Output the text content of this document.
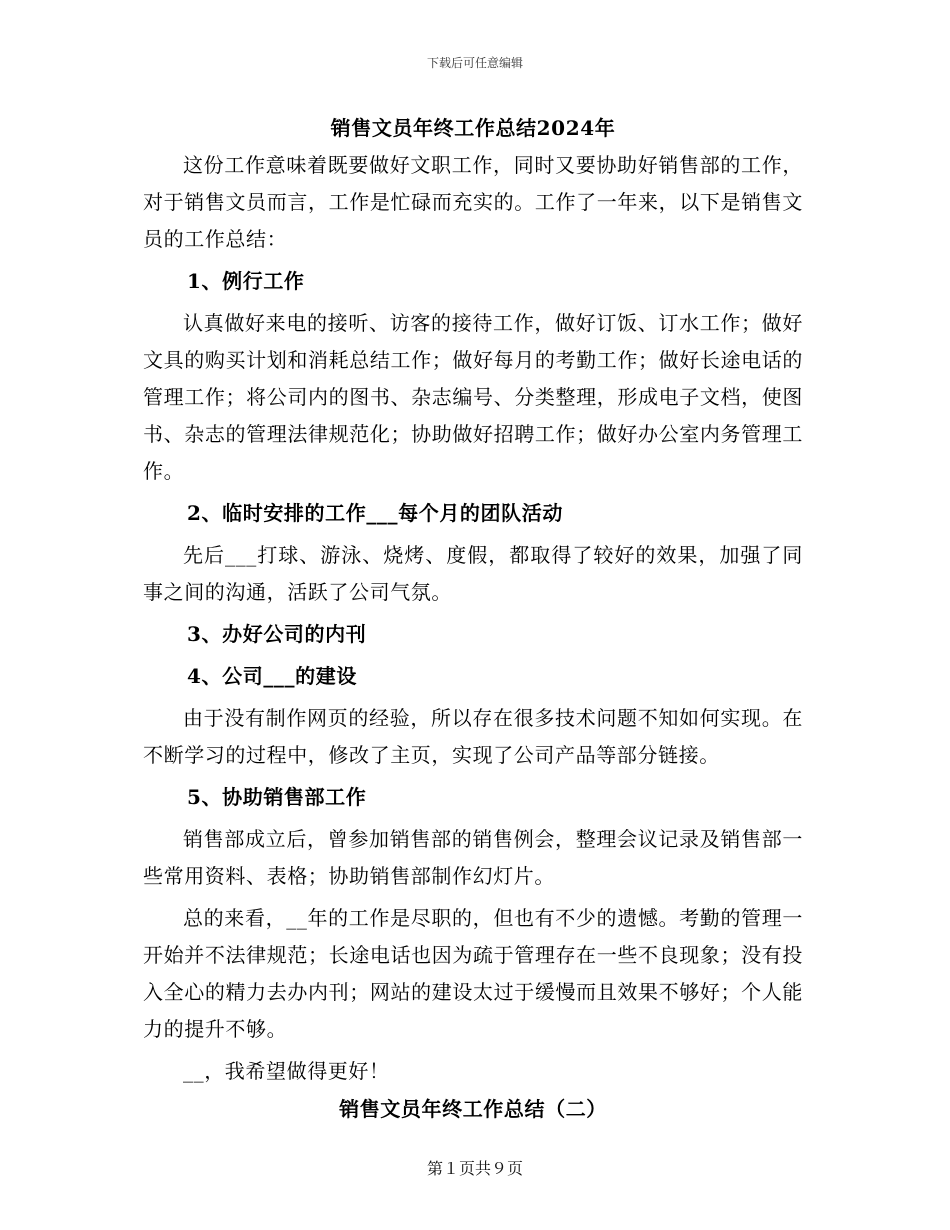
下载后可任意编辑

销售文员年终工作总结2024年

这份工作意味着既要做好文职工作，同时又要协助好销售部的工作，对于销售文员而言，工作是忙碌而充实的。工作了一年来，以下是销售文员的工作总结：

1、例行工作

认真做好来电的接听、访客的接待工作，做好订饭、订水工作；做好文具的购买计划和消耗总结工作；做好每月的考勤工作；做好长途电话的管理工作；将公司内的图书、杂志编号、分类整理，形成电子文档，使图书、杂志的管理法律规范化；协助做好招聘工作；做好办公室内务管理工作。

2、临时安排的工作___每个月的团队活动

先后___打球、游泳、烧烤、度假，都取得了较好的效果，加强了同事之间的沟通，活跃了公司气氛。

3、办好公司的内刊

4、公司___的建设

由于没有制作网页的经验，所以存在很多技术问题不知如何实现。在不断学习的过程中，修改了主页，实现了公司产品等部分链接。

5、协助销售部工作

销售部成立后，曾参加销售部的销售例会，整理会议记录及销售部一些常用资料、表格；协助销售部制作幻灯片。

总的来看，__年的工作是尽职的，但也有不少的遗憾。考勤的管理一开始并不法律规范；长途电话也因为疏于管理存在一些不良现象；没有投入全心的精力去办内刊；网站的建设太过于缓慢而且效果不够好；个人能力的提升不够。

__，我希望做得更好！

销售文员年终工作总结（二）

第１页共９页
